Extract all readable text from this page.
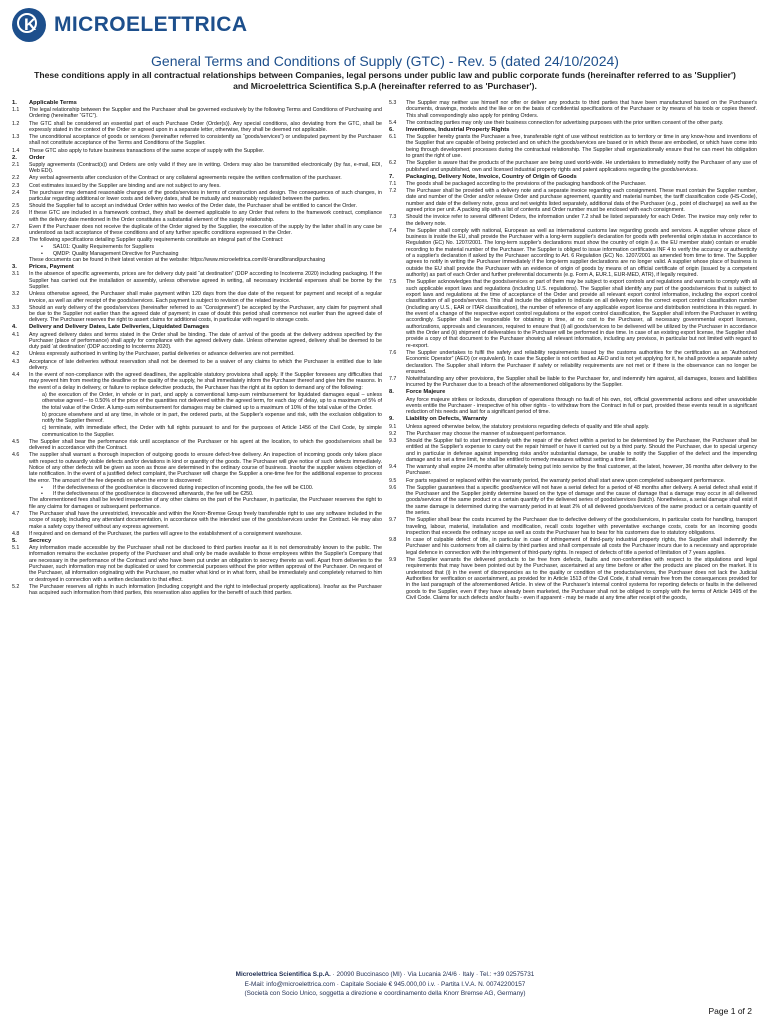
K
MICROELETTRICA
General Terms and Conditions of Supply (GTC) - Rev. 5 (dated 24/10/2024)
These conditions apply in all contractual relationships between Companies, legal persons under public law and public corporate funds (hereinafter referred to as 'Supplier') and Microelettrica Scientifica S.p.A (hereinafter referred to as 'Purchaser').
1.	Applicable Terms
1.1	The legal relationship between the Supplier and the Purchaser shall be governed exclusively by the following Terms and Conditions of Purchasing and Ordering (hereinafter “GTC”).
1.2	The GTC shall be considered an essential part of each Purchase Order (Order(s)). Any special conditions, also deviating from the GTC, shall be expressly stated in the context of the Order or agreed upon in a separate letter, otherwise, they shall be deemed not applicable.
1.3	The unconditional acceptance of goods or services (hereinafter referred to consistently as “goods/services”) or undisputed payment by the Purchaser shall not constitute acceptance of the Terms and Conditions of the Supplier.
1.4	These GTC also apply to future business transactions of the same scope of supply with the Supplier.
2.	Order
2.1	Supply agreements (Contract(s)) and Orders are only valid if they are in writing. Orders may also be transmitted electronically (by fax, e-mail, EDI, Web EDI).
2.2	Any verbal agreements after conclusion of the Contract or any collateral agreements require the written confirmation of the purchaser.
2.3	Cost estimates issued by the Supplier are binding and are not subject to any fees.
2.4	The purchaser may demand reasonable changes of the goods/services in terms of construction and design. The consequences of such changes, in particular regarding additional or lower costs and delivery dates, shall be mutually and reasonably regulated between the parties.
2.5	Should the Supplier fail to accept an individual Order within two weeks of the Order date, the Purchaser shall be entitled to cancel the Order.
2.6	If these GTC are included in a framework contract, they shall be deemed applicable to any Order that refers to the framework contract, compliance with the delivery date mentioned in the Order constitutes a substantial element of the supply relationship.
2.7	Even if the Purchaser does not receive the duplicate of the Order signed by the Supplier, the execution of the supply by the latter shall in any case be understood as tacit acceptance of these conditions and of any further specific conditions expressed in the Order.
2.8	The following specifications detailing Supplier quality requirements constitute an integral part of the Contract:
•	SA101: Quality Requirements for Suppliers
•	QMDP: Quality Management Directive for Purchasing
These documents can be found in their latest version at the website: https://www.microelettrica.com/it/-brand/brand/purchasing
3.	Prices, Payment
3.1	In the absence of specific agreements, prices are for delivery duty paid “at destination” (DDP according to Incoterms 2020) including packaging. If the Supplier has carried out the installation or assembly, unless otherwise agreed in writing, all necessary incidental expenses shall be borne by the Supplier.
3.2	Unless otherwise agreed, the Purchaser shall make payment within 120 days from the due date of the request for payment and receipt of a regular invoice, as well as after receipt of the goods/services. Each payment is subject to revision of the related invoice.
3.3	Should an early delivery of the goods/services (hereinafter referred to as “Consignment”) be accepted by the Purchaser, any claim for payment shall be due to the Supplier not earlier than the agreed date of payment; in case of doubt this period shall commence not earlier than the agreed date of delivery. The Purchaser reserves the right to assert claims for additional costs, in particular with regard to storage costs.
4.	Delivery and Delivery Dates, Late Deliveries, Liquidated Damages
4.1	Any agreed delivery dates and terms stated in the Order shall be binding. The date of arrival of the goods at the delivery address specified by the Purchaser (place of performance) shall apply for compliance with the agreed delivery date. Unless otherwise agreed, delivery shall be deemed to be duty paid ‘at destination’ (DDP according to Incoterms 2020).
4.2	Unless expressly authorised in writing by the Purchaser, partial deliveries or advance deliveries are not permitted.
4.3	Acceptance of late deliveries without reservation shall not be deemed to be a waiver of any claims to which the Purchaser is entitled due to late delivery.
4.4	In the event of non-compliance with the agreed deadlines, the applicable statutory provisions shall apply. If the Supplier foresees any difficulties that may prevent him from meeting the deadline or the quality of the supply, he shall immediately inform the Purchaser thereof and give him the reasons. In the event of a delay in delivery, or failure to replace defective products, the Purchaser has the right at its option to demand any of the following:
a) the execution of the Order, in whole or in part, and apply a conventional lump-sum reimbursement for liquidated damages equal – unless otherwise agreed – to 0.50% of the price of the quantities not delivered within the agreed term, for each day of delay, up to a maximum of 5% of the total value of the Order. A lump-sum reimbursement for damages may be claimed up to a maximum of 10% of the total value of the Order.
b) procure elsewhere and at any time, in whole or in part, the ordered parts, at the Supplier's expense and risk, with the exclusion obligation to notify the Supplier thereof.
c) terminate, with immediate effect, the Order with full rights pursuant to and for the purposes of Article 1456 of the Civil Code, by simple communication to the Supplier.
4.5	The Supplier shall bear the performance risk until acceptance of the Purchaser or his agent at the location, to which the goods/services shall be delivered in accordance with the Contract.
4.6	The supplier shall warrant a thorough inspection of outgoing goods to ensure defect-free delivery. An inspection of incoming goods only takes place with respect to outwardly visible defects and/or deviations in kind or quantity of the goods. The Purchaser will give notice of such defects immediately. Notice of any other defects will be given as soon as those are determined in the ordinary course of business. Insofar the supplier waives objection of late notification. In the event of a justified defect complaint, the Purchaser will charge the Supplier a one-time fee for the additional expense to process the error. The amount of the fee depends on when the error is discovered:
•	If the defectiveness of the good/service is discovered during inspection of incoming goods, the fee will be €100.
•	If the defectiveness of the good/service is discovered afterwards, the fee will be €250.
The aforementioned fees shall be levied irrespective of any other claims on the part of the Purchaser, in particular, the Purchaser reserves the right to file any claims for damages or subsequent performance.
4.7	The Purchaser shall have the unrestricted, irrevocable and within the Knorr-Bremse Group freely transferable right to use any software included in the scope of supply, including any attendant documentation, in accordance with the intended use of the goods/services under the Contract. He may also make a safety copy thereof without any express agreement.
4.8	If required and on demand of the Purchaser, the parties will agree to the establishment of a consignment warehouse.
5.	Secrecy
5.1	Any information made accessible by the Purchaser shall not be disclosed to third parties insofar as it is not demonstrably known to the public. The information remains the exclusive property of the Purchaser and shall only be made available to those employees within the Supplier's Company that are necessary in the performance of the Contract and who have been put under an obligation to secrecy thereto as well. Apart from deliveries to the Purchaser, such information may not be duplicated or used for commercial purposes without the prior written approval of the Purchaser. On request of the Purchaser, all information originating with the Purchaser, no matter what kind or in what form, shall be immediately and completely returned to him or destroyed in connection with a written declaration to that effect.
5.2	The Purchaser reserves all rights in such information (including copyright and the right to intellectual property applications). Insofar as the Purchaser has acquired such information from third parties, this reservation also applies for the benefit of such third parties.
5.3	The Supplier may neither use himself nor offer or deliver any products to third parties that have been manufactured based on the Purchaser's documents, drawings, models and the like or on the basis of confidential specifications of the Purchaser or by means of his tools or copies thereof. This shall correspondingly also apply for printing Orders.
5.4	The contracting parties may only use their business connection for advertising purposes with the prior written consent of the other party.
6.	Inventions, Industrial Property Rights
6.1	The Supplier hereby grants the Purchaser a free, transferable right of use without restriction as to territory or time in any know-how and inventions of the Supplier that are capable of being protected and on which the goods/services are based or in which these are embodied, or which have come into being through development processes during the contractual relationship. The Supplier shall organizationally ensure that he can meet his obligation to grant the right of use.
6.2	The Supplier is aware that the products of the purchaser are being used world-wide. He undertakes to immediately notify the Purchaser of any use of published and unpublished, own and licensed industrial property rights and patent applications regarding the goods/services.
7.	Packaging, Delivery Note, Invoice, Country of Origin of Goods
7.1	The goods shall be packaged according to the provisions of the packaging handbook of the Purchaser.
7.2	The Purchaser shall be provided with a delivery note and a separate invoice regarding each consignment. These must contain the Supplier number, date and number of the Order and/or release Order and purchase agreement, quantity and material number, the tariff classification code (HS-Code), number and date of the delivery note, gross and net weights listed separately, additional data of the Purchaser (e.g., point of discharge) as well as the agreed price per unit. A packing slip with a list of contents and Order number must be enclosed with each consignment.
7.3	Should the invoice refer to several different Orders, the information under 7.2 shall be listed separately for each Order. The invoice may only refer to the delivery note.
7.4	The Supplier shall comply with national, European as well as international customs law regarding goods and services. A supplier whose place of business is inside the EU, shall provide the Purchaser with a long-term supplier's declaration for goods with preferential origin status in accordance to Regulation (EC) No. 1207/2001. The long-term supplier's declarations must show the country of origin (i.e. the EU member state) contain or enable recording to the material number of the Purchaser. The Supplier is obliged to issue information certificates INF 4 to verify the accuracy or authenticity of a supplier's declaration if asked by the Purchaser according to Art. 6 Regulation (EC) No. 1207/2001 as amended from time to time. The Supplier agrees to notify in writing the Purchaser immediately if the long-term supplier declarations are no longer valid. A supplier whose place of business is outside the EU shall provide the Purchaser with an evidence of origin of goods by means of an official certificate of origin (issued by a competent authority) as part of each Order and further preferential documents (e.g. Form A, EUR.1, EUR-MED, ATR), if legally required.
7.5	The Supplier acknowledges that the goods/services or part of them may be subject to export controls and regulations and warrants to comply with all such applicable export laws and regulations (including U.S. regulations). The Supplier shall identify any part of the goods/services that is subject to export laws and regulations at the time of acceptance of the Order and provide all relevant export control information, including the export control classification of all goods/services. This shall include the obligation to indicate on all delivery notes the correct export control classification number (including any U.S., EAR or ITAR classification), the number of reference of any applicable export license and distribution restrictions in this regard. In the event of a change of the respective export control regulations or the export control classification, the Supplier shall inform the Purchaser in writing accordingly. Supplier shall be responsible for obtaining in time, at no cost to the Purchaser, all necessary governmental export licenses, authorizations, approvals and clearances, required to ensure that (i) all goods/services to be delivered will be utilized by the Purchaser in accordance with the Order and (ii) shipment of deliverables to the Purchaser will be performed in due time. In case of an existing export license, the Supplier shall provide a copy of that document to the Purchaser showing all relevant information, including any provisos, in particular but not limited with regard to re-export.
7.6	The Supplier undertakes to fulfil the safety and reliability requirements issued by the customs authorities for the certification as an “Authorized Economic Operator” (AEO) (or equivalent). In case the Supplier is not certified as AEO and is not yet applying for it, he shall provide a separate safety declaration. The Supplier shall inform the Purchaser if safety or reliability requirements are not met or if there is the observance can no longer be ensured.
7.7	Notwithstanding any other provisions, the Supplier shall be liable to the Purchaser for, and indemnify him against, all damages, losses and liabilities incurred by the Purchaser due to a breach of the aforementioned obligations by the Supplier.
8.	Force Majeure
Any force majeure strikes or lockouts, disruption of operations through no fault of his own, riot, official governmental actions and other unavoidable events entitle the Purchaser - irrespective of his other rights - to withdraw from the Contract in full or part, provided these events result in a significant reduction of his needs and last for a significant period of time.
9.	Liability on Defects, Warranty
9.1	Unless agreed otherwise below, the statutory provisions regarding defects of quality and title shall apply.
9.2	The Purchaser may choose the manner of subsequent performance.
9.3	Should the Supplier fail to start immediately with the repair of the defect within a period to be determined by the Purchaser, the Purchaser shall be entitled at the Supplier's expense to carry out the repair himself or have it carried out by a third party. Should the Purchaser, due to special urgency and in particular in defense against impending risks and/or substantial damage, be unable to notify the Supplier of the defect and the impending damage and to set a time limit, he shall be entitled to remedy measures without setting a time limit.
9.4	The warranty shall expire 24 months after ultimately being put into service by the final customer, at the latest, however, 36 months after delivery to the Purchaser.
9.5	For parts repaired or replaced within the warranty period, the warranty period shall start anew upon completed subsequent performance.
9.6	The Supplier guarantees that a specific good/service will not have a serial defect for a period of 48 months after delivery. A serial defect shall exist if the Purchaser and the Supplier jointly determine based on the type of damage and the cause of damage that a damage may occur in all delivered goods/services of the same product or a certain quantity of the delivered series of goods/services (batch). Nonetheless, a serial damage shall exist if the same damage is determined during the warranty period in at least 2% of all delivered goods/services of the same product or a certain quantity of the series.
9.7	The Supplier shall bear the costs incurred by the Purchaser due to defective delivery of the goods/services, in particular costs for handling, transport traveling, labour, material, installation and modification, recall costs together with preventative exchange costs, costs for an incoming goods inspection that exceeds the ordinary scope as well as costs the Purchaser has to bear for his customers due to statutory obligations.
9.8	In case of culpable defect of title, in particular in case of infringement of third-party industrial property rights, the Supplier shall indemnify the Purchaser and his customers from all claims by third parties and shall compensate all costs the Purchaser incurs due to a necessary and appropriate legal defence in connection with the infringement of third-party rights. In respect of defects of title a period of limitation of 7 years applies.
9.9	The Supplier warrants the delivered products to be free from defects, faults and non-conformities with respect to the stipulations and legal requirements that may have been pointed out by the Purchaser, ascertained at any time before or after the products are placed on the market. It is understood that (i) in the event of discrepancies as to the quality or condition of the products/services, the Purchaser does not lack the Judicial Authorities for verification or ascertainment, as provided for in Article 1513 of the Civil Code, it shall remain free from the consequences provided for in the last paragraph of the aforementioned Article. In view of the Purchaser's internal control systems for reporting defects or faults in the delivered goods to the Supplier, even if they have already been marketed, the Purchaser shall not be obliged to comply with the terms of Article 1495 of the Civil Code. Claims for such defects and/or faults - even if apparent - may be made at any time after receipt of the goods,
Microelettrica Scientifica S.p.A. · 20090 Buccinasco (MI) · Via Lucania 2/4/6 · Italy · Tel.: +39 02575731
E-Mail: info@microelettrica.com · Capitale Sociale € 945.000,00 i.v. · Partita I.V.A. N. 00742200157
(Società con Socio Unico, soggetta a direzione e coordinamento della Knorr Bremse AG, Germany)
Page 1 of 2
